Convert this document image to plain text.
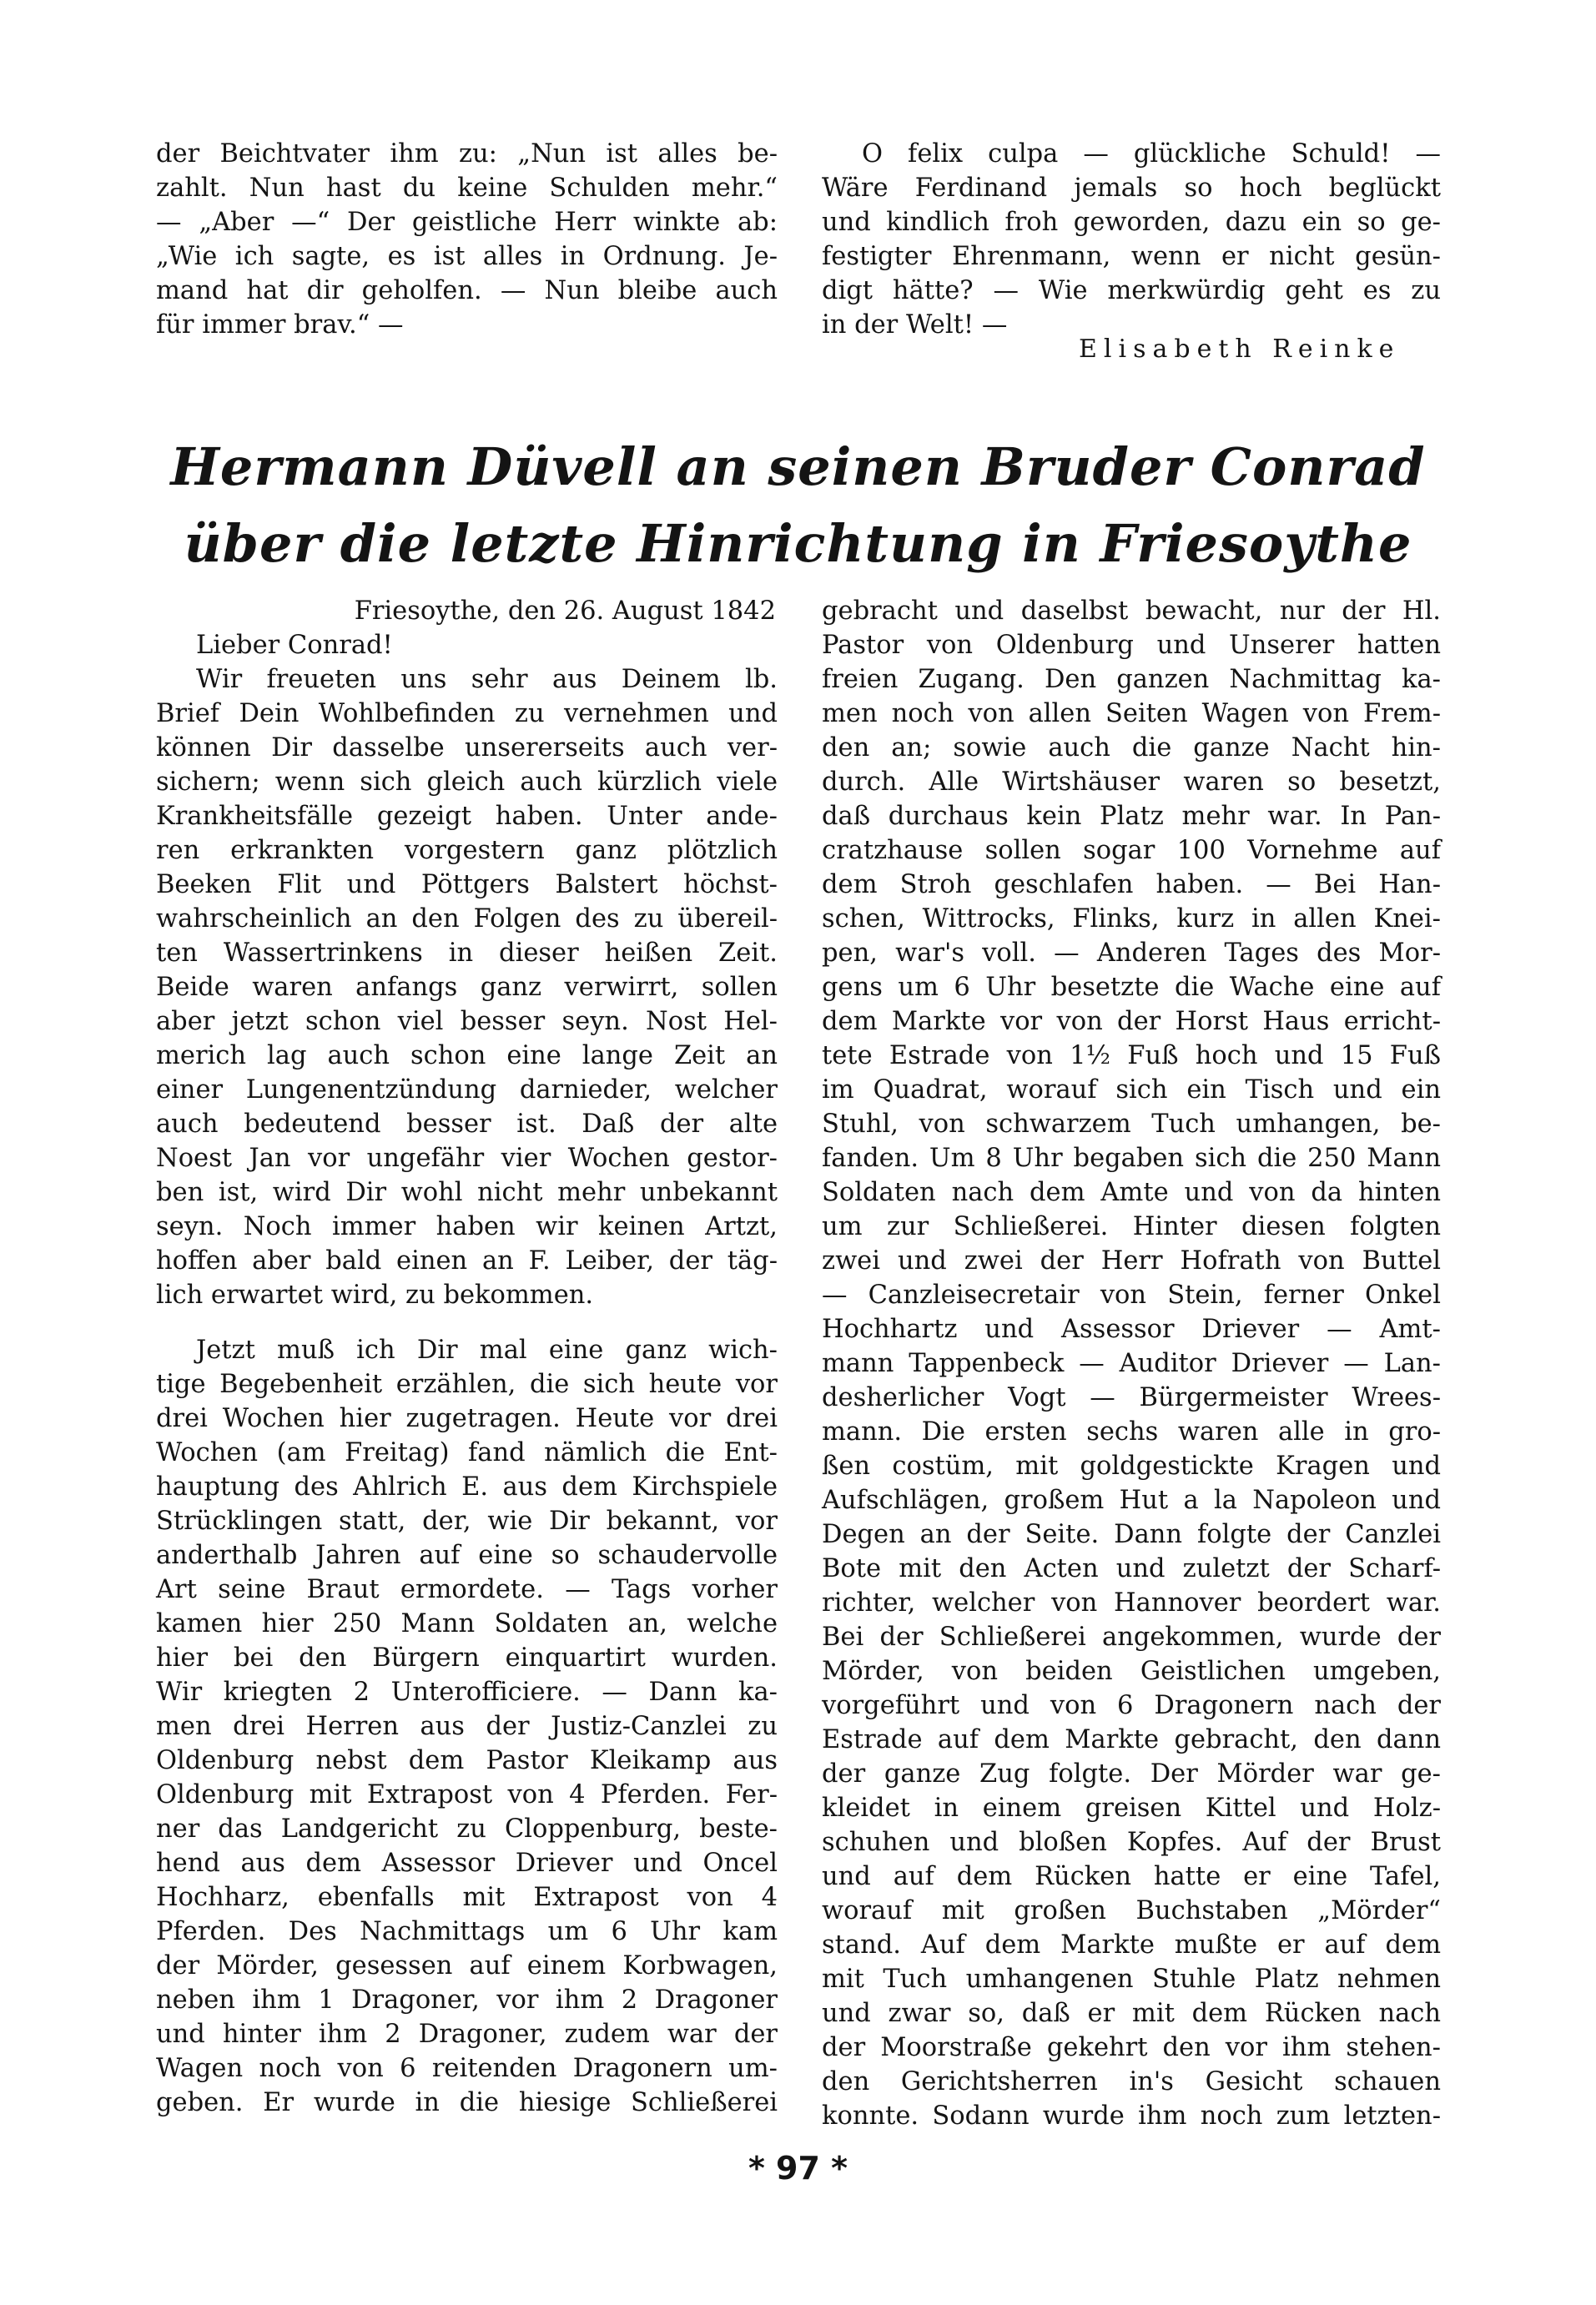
der Beichtvater ihm zu: „Nun ist alles be-

zahlt. Nun hast du keine Schulden mehr.“

— „Aber —“ Der geistliche Herr winkte ab:

„Wie ich sagte, es ist alles in Ordnung. Je-

mand hat dir geholfen. — Nun bleibe auch

für immer brav.“ —

O felix culpa — glückliche Schuld! —

Wäre Ferdinand jemals so hoch beglückt

und kindlich froh geworden, dazu ein so ge-

festigter Ehrenmann, wenn er nicht gesün-

digt hätte? — Wie merkwürdig geht es zu

in der Welt! —

Elisabeth Reinke
Hermann Düvell an seinen Bruder Conrad
über die letzte Hinrichtung in Friesoythe

Friesoythe, den 26. August 1842

Lieber Conrad!

Wir freueten uns sehr aus Deinem lb.

Brief Dein Wohlbefinden zu vernehmen und

können Dir dasselbe unsererseits auch ver-

sichern; wenn sich gleich auch kürzlich viele

Krankheitsfälle gezeigt haben. Unter ande-

ren erkrankten vorgestern ganz plötzlich

Beeken Flit und Pöttgers Balstert höchst-

wahrscheinlich an den Folgen des zu übereil-

ten Wassertrinkens in dieser heißen Zeit.

Beide waren anfangs ganz verwirrt, sollen

aber jetzt schon viel besser seyn. Nost Hel-

merich lag auch schon eine lange Zeit an

einer Lungenentzündung darnieder, welcher

auch bedeutend besser ist. Daß der alte

Noest Jan vor ungefähr vier Wochen gestor-

ben ist, wird Dir wohl nicht mehr unbekannt

seyn. Noch immer haben wir keinen Artzt,

hoffen aber bald einen an F. Leiber, der täg-

lich erwartet wird, zu bekommen.

Jetzt muß ich Dir mal eine ganz wich-

tige Begebenheit erzählen, die sich heute vor

drei Wochen hier zugetragen. Heute vor drei

Wochen (am Freitag) fand nämlich die Ent-

hauptung des Ahlrich E. aus dem Kirchspiele

Strücklingen statt, der, wie Dir bekannt, vor

anderthalb Jahren auf eine so schaudervolle

Art seine Braut ermordete. — Tags vorher

kamen hier 250 Mann Soldaten an, welche

hier bei den Bürgern einquartirt wurden.

Wir kriegten 2 Unterofficiere. — Dann ka-

men drei Herren aus der Justiz-Canzlei zu

Oldenburg nebst dem Pastor Kleikamp aus

Oldenburg mit Extrapost von 4 Pferden. Fer-

ner das Landgericht zu Cloppenburg, beste-

hend aus dem Assessor Driever und Oncel

Hochharz, ebenfalls mit Extrapost von 4

Pferden. Des Nachmittags um 6 Uhr kam

der Mörder, gesessen auf einem Korbwagen,

neben ihm 1 Dragoner, vor ihm 2 Dragoner

und hinter ihm 2 Dragoner, zudem war der

Wagen noch von 6 reitenden Dragonern um-

geben. Er wurde in die hiesige Schließerei

gebracht und daselbst bewacht, nur der Hl.

Pastor von Oldenburg und Unserer hatten

freien Zugang. Den ganzen Nachmittag ka-

men noch von allen Seiten Wagen von Frem-

den an; sowie auch die ganze Nacht hin-

durch. Alle Wirtshäuser waren so besetzt,

daß durchaus kein Platz mehr war. In Pan-

cratzhause sollen sogar 100 Vornehme auf

dem Stroh geschlafen haben. — Bei Han-

schen, Wittrocks, Flinks, kurz in allen Knei-

pen, war's voll. — Anderen Tages des Mor-

gens um 6 Uhr besetzte die Wache eine auf

dem Markte vor von der Horst Haus erricht-

tete Estrade von 1½ Fuß hoch und 15 Fuß

im Quadrat, worauf sich ein Tisch und ein

Stuhl, von schwarzem Tuch umhangen, be-

fanden. Um 8 Uhr begaben sich die 250 Mann

Soldaten nach dem Amte und von da hinten

um zur Schließerei. Hinter diesen folgten

zwei und zwei der Herr Hofrath von Buttel

— Canzleisecretair von Stein, ferner Onkel

Hochhartz und Assessor Driever — Amt-

mann Tappenbeck — Auditor Driever — Lan-

desherlicher Vogt — Bürgermeister Wrees-

mann. Die ersten sechs waren alle in gro-

ßen costüm, mit goldgestickte Kragen und

Aufschlägen, großem Hut a la Napoleon und

Degen an der Seite. Dann folgte der Canzlei

Bote mit den Acten und zuletzt der Scharf-

richter, welcher von Hannover beordert war.

Bei der Schließerei angekommen, wurde der

Mörder, von beiden Geistlichen umgeben,

vorgeführt und von 6 Dragonern nach der

Estrade auf dem Markte gebracht, den dann

der ganze Zug folgte. Der Mörder war ge-

kleidet in einem greisen Kittel und Holz-

schuhen und bloßen Kopfes. Auf der Brust

und auf dem Rücken hatte er eine Tafel,

worauf mit großen Buchstaben „Mörder“

stand. Auf dem Markte mußte er auf dem

mit Tuch umhangenen Stuhle Platz nehmen

und zwar so, daß er mit dem Rücken nach

der Moorstraße gekehrt den vor ihm stehen-

den Gerichtsherren in's Gesicht schauen

konnte. Sodann wurde ihm noch zum letzten-

* 97 *
